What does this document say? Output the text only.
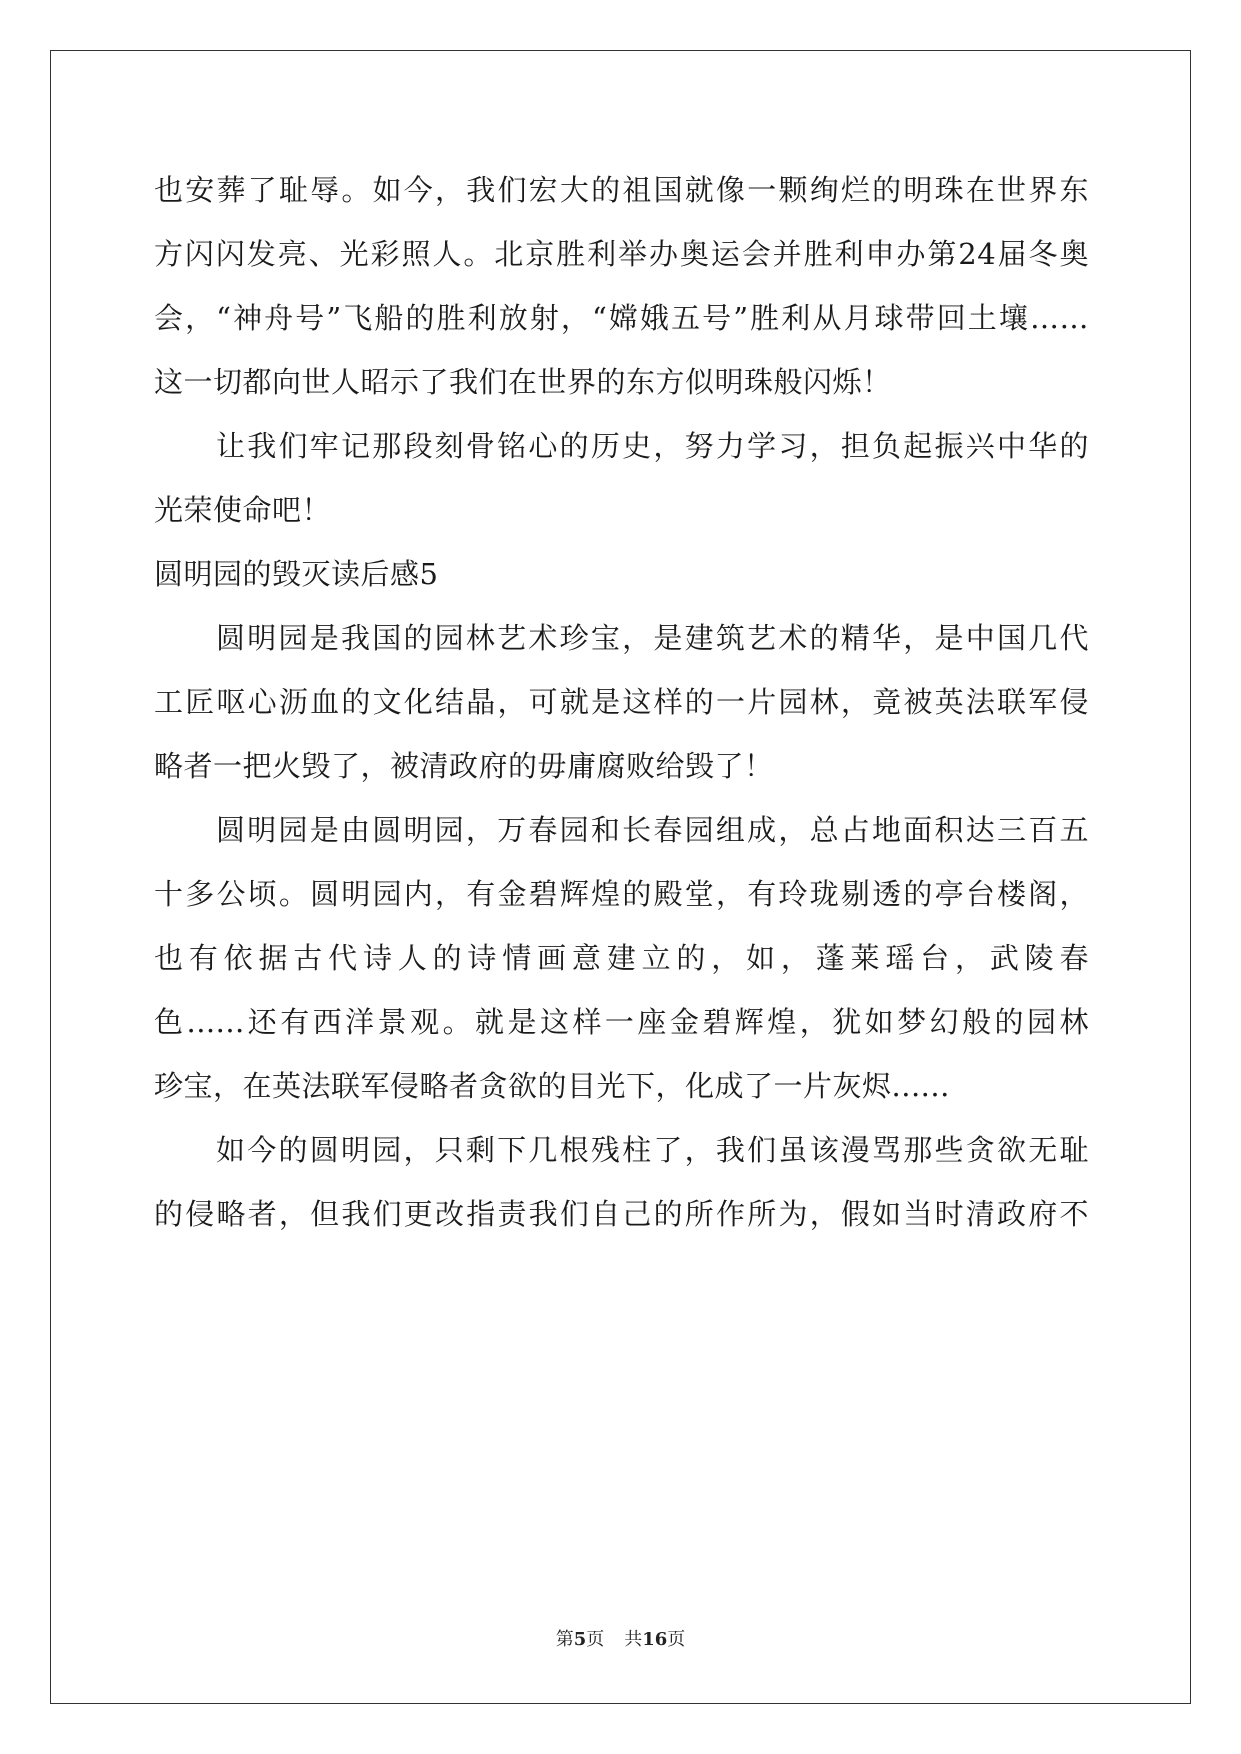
也安葬了耻辱。如今，我们宏大的祖国就像一颗绚烂的明珠在世界东
方闪闪发亮、光彩照人。北京胜利举办奥运会并胜利申办第24届冬奥
会，“神舟号”飞船的胜利放射，“嫦娥五号”胜利从月球带回土壤……
这一切都向世人昭示了我们在世界的东方似明珠般闪烁！
让我们牢记那段刻骨铭心的历史，努力学习，担负起振兴中华的
光荣使命吧！
圆明园的毁灭读后感5
圆明园是我国的园林艺术珍宝，是建筑艺术的精华，是中国几代
工匠呕心沥血的文化结晶，可就是这样的一片园林，竟被英法联军侵
略者一把火毁了，被清政府的毋庸腐败给毁了！
圆明园是由圆明园，万春园和长春园组成，总占地面积达三百五
十多公顷。圆明园内，有金碧辉煌的殿堂，有玲珑剔透的亭台楼阁，
也有依据古代诗人的诗情画意建立的，如，蓬莱瑶台，武陵春
色......还有西洋景观。就是这样一座金碧辉煌，犹如梦幻般的园林
珍宝，在英法联军侵略者贪欲的目光下，化成了一片灰烬......
如今的圆明园，只剩下几根残柱了，我们虽该漫骂那些贪欲无耻
的侵略者，但我们更改指责我们自己的所作所为，假如当时清政府不
第5页 共16页
